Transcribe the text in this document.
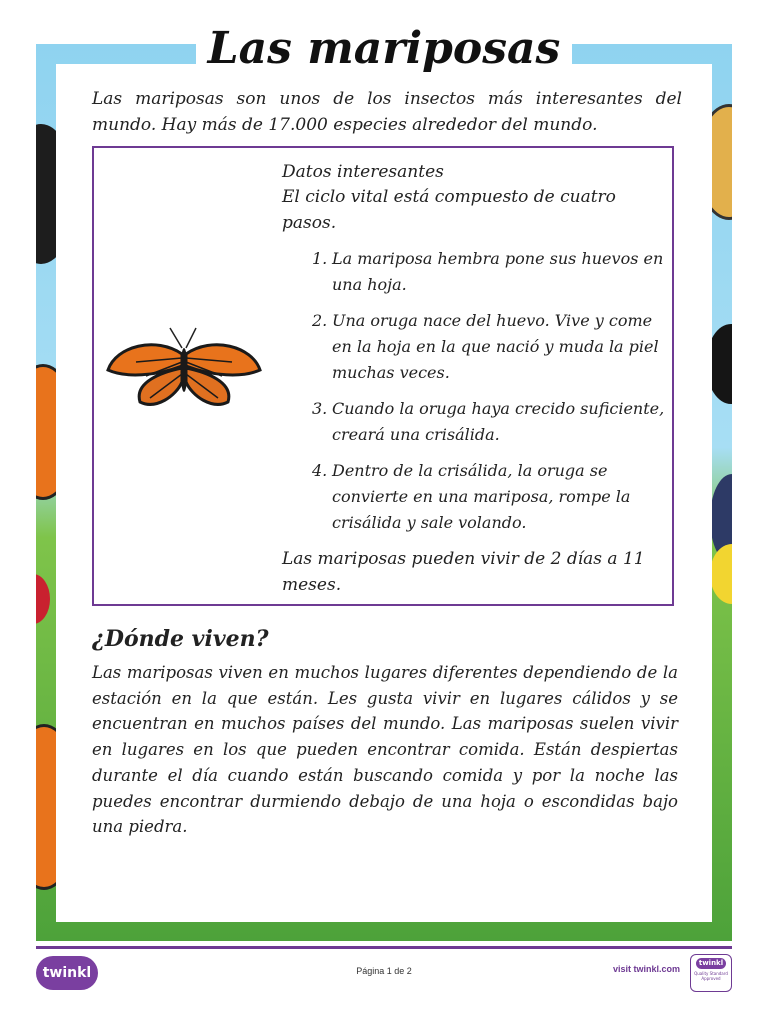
Las mariposas

Las mariposas son unos de los insectos más interesantes del mundo. Hay más de 17.000 especies alrededor del mundo.

Datos interesantes

El ciclo vital está compuesto de cuatro pasos.

1. La mariposa hembra pone sus huevos en una hoja.
2. Una oruga nace del huevo. Vive y come en la hoja en la que nació y muda la piel muchas veces.
3. Cuando la oruga haya crecido suficiente, creará una crisálida.
4. Dentro de la crisálida, la oruga se convierte en una mariposa, rompe la crisálida y sale volando.

Las mariposas pueden vivir de 2 días a 11 meses.

¿Dónde viven?

Las mariposas viven en muchos lugares diferentes dependiendo de la estación en la que están. Les gusta vivir en lugares cálidos y se encuentran en muchos países del mundo. Las mariposas suelen vivir en lugares en los que pueden encontrar comida. Están despiertas durante el día cuando están buscando comida y por la noche las puedes encontrar durmiendo debajo de una hoja o escondidas bajo una piedra.

twinkl	Página 1 de 2	visit twinkl.com
twinkl
Quality Standard Approved
